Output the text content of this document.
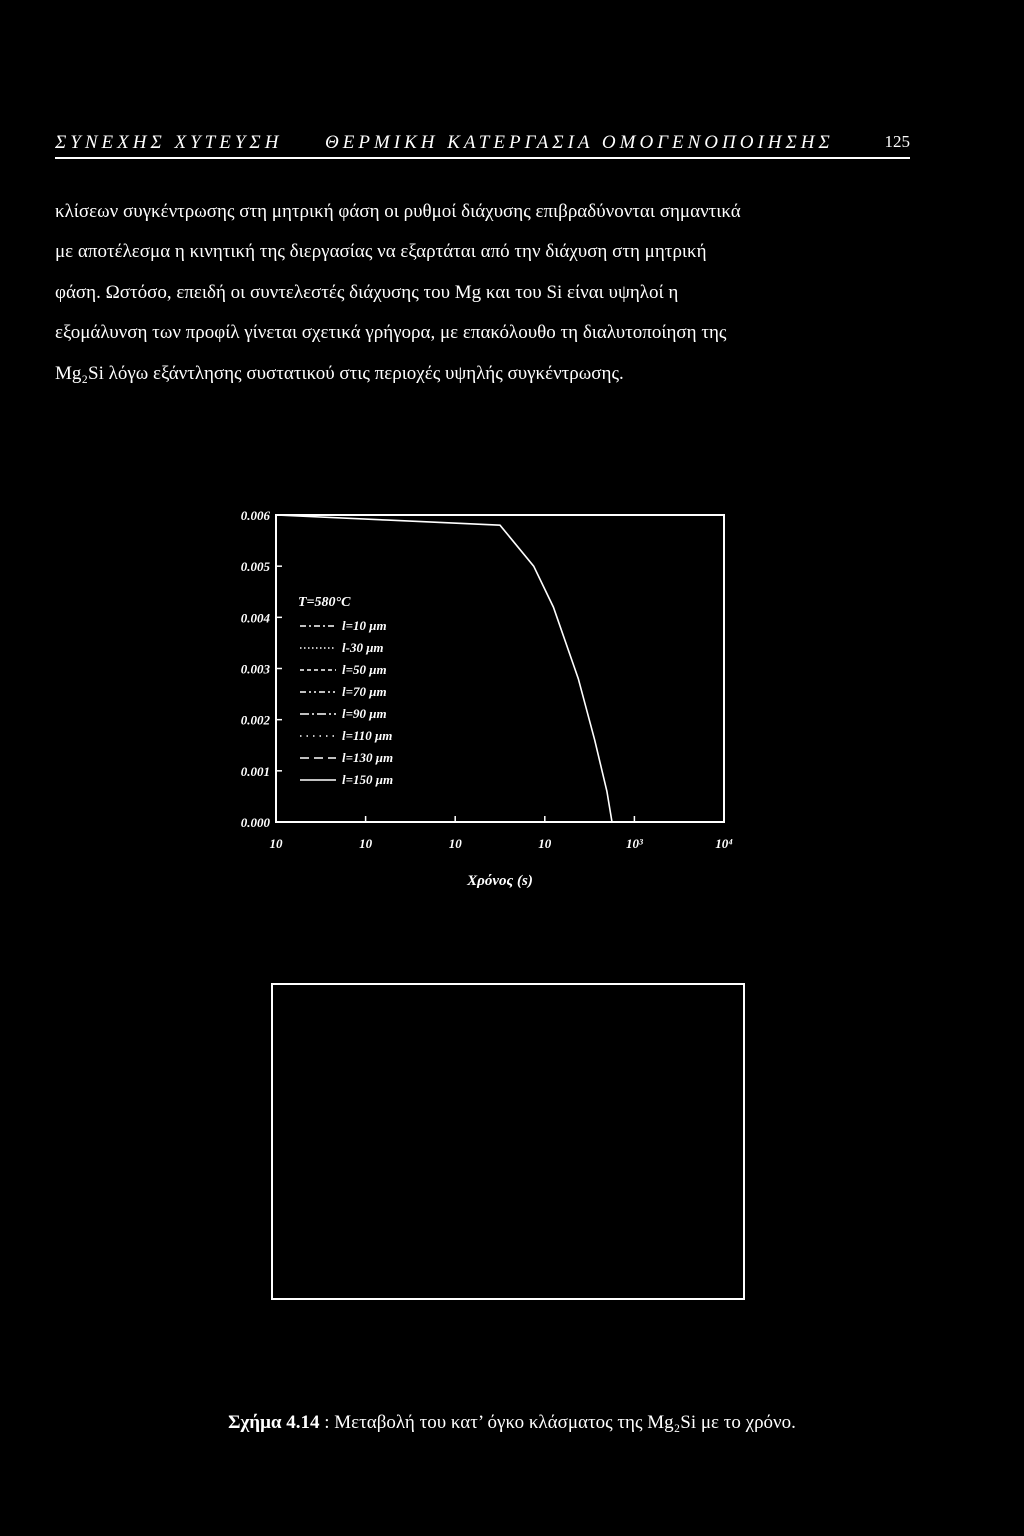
ΣΥΝΕΧΗΣ ΧΥΤΕΥΣΗ ΘΕΡΜΙΚΗ ΚΑΤΕΡΓΑΣΙΑ ΟΜΟΓΕΝΟΠΟΙΗΣΗΣ	125
κλίσεων συγκέντρωσης στη μητρική φάση οι ρυθμοί διάχυσης επιβραδύνονται σημαντικά
με αποτέλεσμα η κινητική της διεργασίας να εξαρτάται από την διάχυση στη μητρική
φάση. Ωστόσο, επειδή οι συντελεστές διάχυσης του Mg και του Si είναι υψηλοί η
εξομάλυνση των προφίλ γίνεται σχετικά γρήγορα, με επακόλουθο τη διαλυτοποίηση της
Mg₂Si λόγω εξάντλησης συστατικού στις περιοχές υψηλής συγκέντρωσης.
0.006
0.005
0.004
0.003
0.002
0.001
0.000
10	10	10	10	10³	10⁴
Χρόνος (s)
T=580°C
l=10 μm
l-30 μm
l=50 μm
l=70 μm
l=90 μm
l=110 μm
l=130 μm
l=150 μm
Σχήμα 4.14 : Μεταβολή του κατ’ όγκο κλάσματος της Mg₂Si με το χρόνο.
